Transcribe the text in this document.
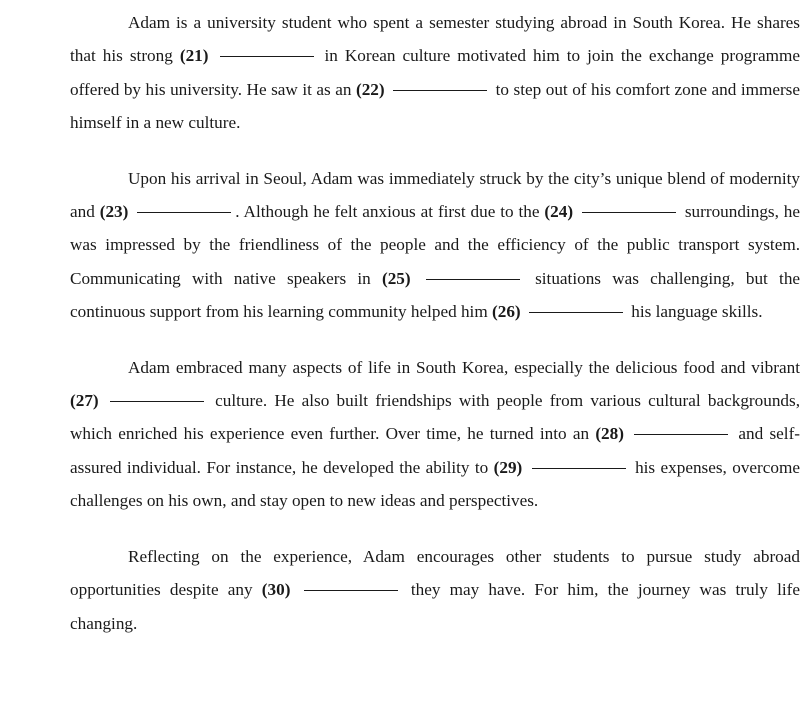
Adam is a university student who spent a semester studying abroad in South Korea. He shares that his strong (21)	in Korean culture motivated him to join the exchange programme offered by his university. He saw it as an (22)	to step out of his comfort zone and immerse himself in a new culture.

Upon his arrival in Seoul, Adam was immediately struck by the city’s unique blend of modernity and (23)	. Although he felt anxious at first due to the (24)	surroundings, he was impressed by the friendliness of the people and the efficiency of the public transport system. Communicating with native speakers in (25)	situations was challenging, but the continuous support from his learning community helped him (26)	his language skills.

Adam embraced many aspects of life in South Korea, especially the delicious food and vibrant (27)	culture. He also built friendships with people from various cultural backgrounds, which enriched his experience even further. Over time, he turned into an (28)	and self-assured individual. For instance, he developed the ability to (29)	his expenses, overcome challenges on his own, and stay open to new ideas and perspectives.

Reflecting on the experience, Adam encourages other students to pursue study abroad opportunities despite any (30)	they may have. For him, the journey was truly life changing.
